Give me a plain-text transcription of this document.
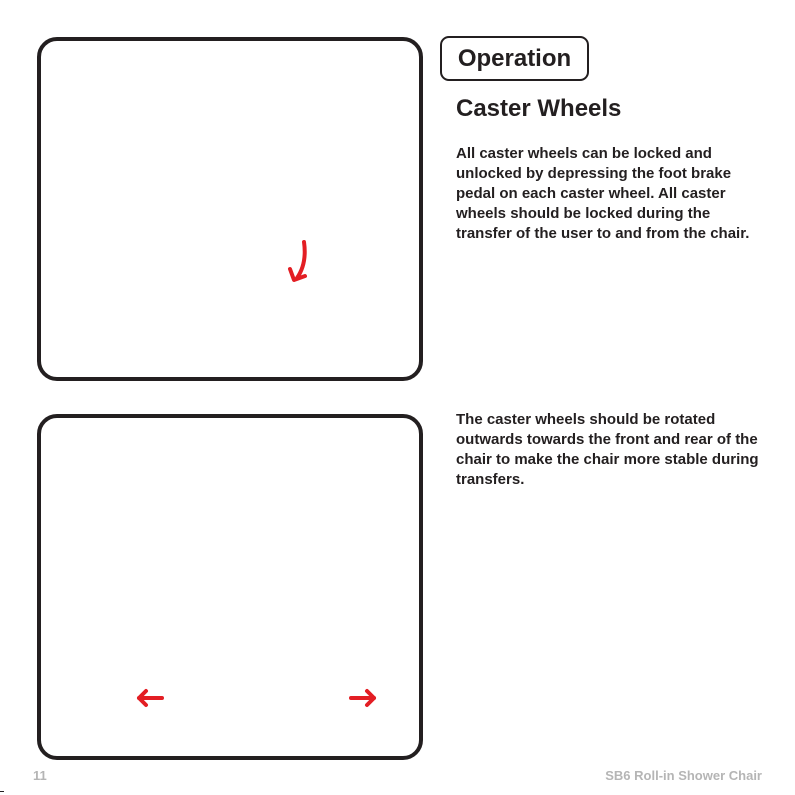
Operation
Caster Wheels

All caster wheels can be locked and unlocked by depressing the foot brake pedal on each caster wheel. All caster wheels should be locked during the transfer of the user to and from the chair.

The caster wheels should be rotated outwards towards the front and rear of the chair to make the chair more stable during transfers.

11	SB6 Roll-in Shower Chair
